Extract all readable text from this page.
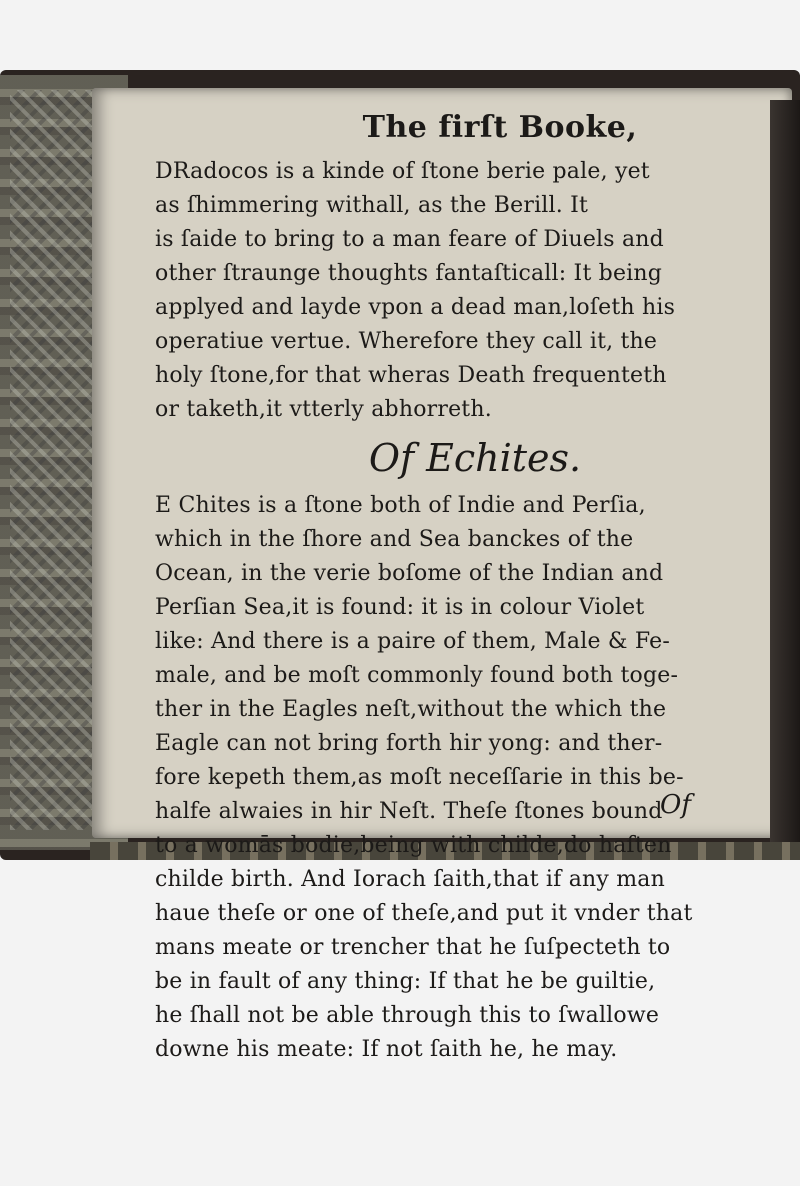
The firſt Booke,
DRadocos is a kinde of ſtone berie pale, yet
as ſhimmering withall, as the Berill. It
is ſaide to bring to a man feare of Diuels and
other ſtraunge thoughts fantaſticall: It being
applyed and layde vpon a dead man,loſeth his
operatiue vertue. Wherefore they call it, the
holy ſtone,for that wheras Death frequenteth
or taketh,it vtterly abhorreth.
Of Echites.
E Chites is a ſtone both of Indie and Perſia,
which in the ſhore and Sea banckes of the
Ocean, in the verie boſome of the Indian and
Perſian Sea,it is found: it is in colour Violet
like: And there is a paire of them, Male & Fe-
male, and be moſt commonly found both toge-
ther in the Eagles neſt,without the which the
Eagle can not bring forth hir yong: and ther-
fore kepeth them,as moſt neceſſarie in this be-
halfe alwaies in hir Neſt. Theſe ſtones bound
to a womās bodie,being with childe,do haſten
childe birth. And Iorach ſaith,that if any man
haue theſe or one of theſe,and put it vnder that
mans meate or trencher that he ſuſpecteth to
be in fault of any thing: If that he be guiltie,
he ſhall not be able through this to ſwallowe
downe his meate: If not ſaith he, he may.
Of
